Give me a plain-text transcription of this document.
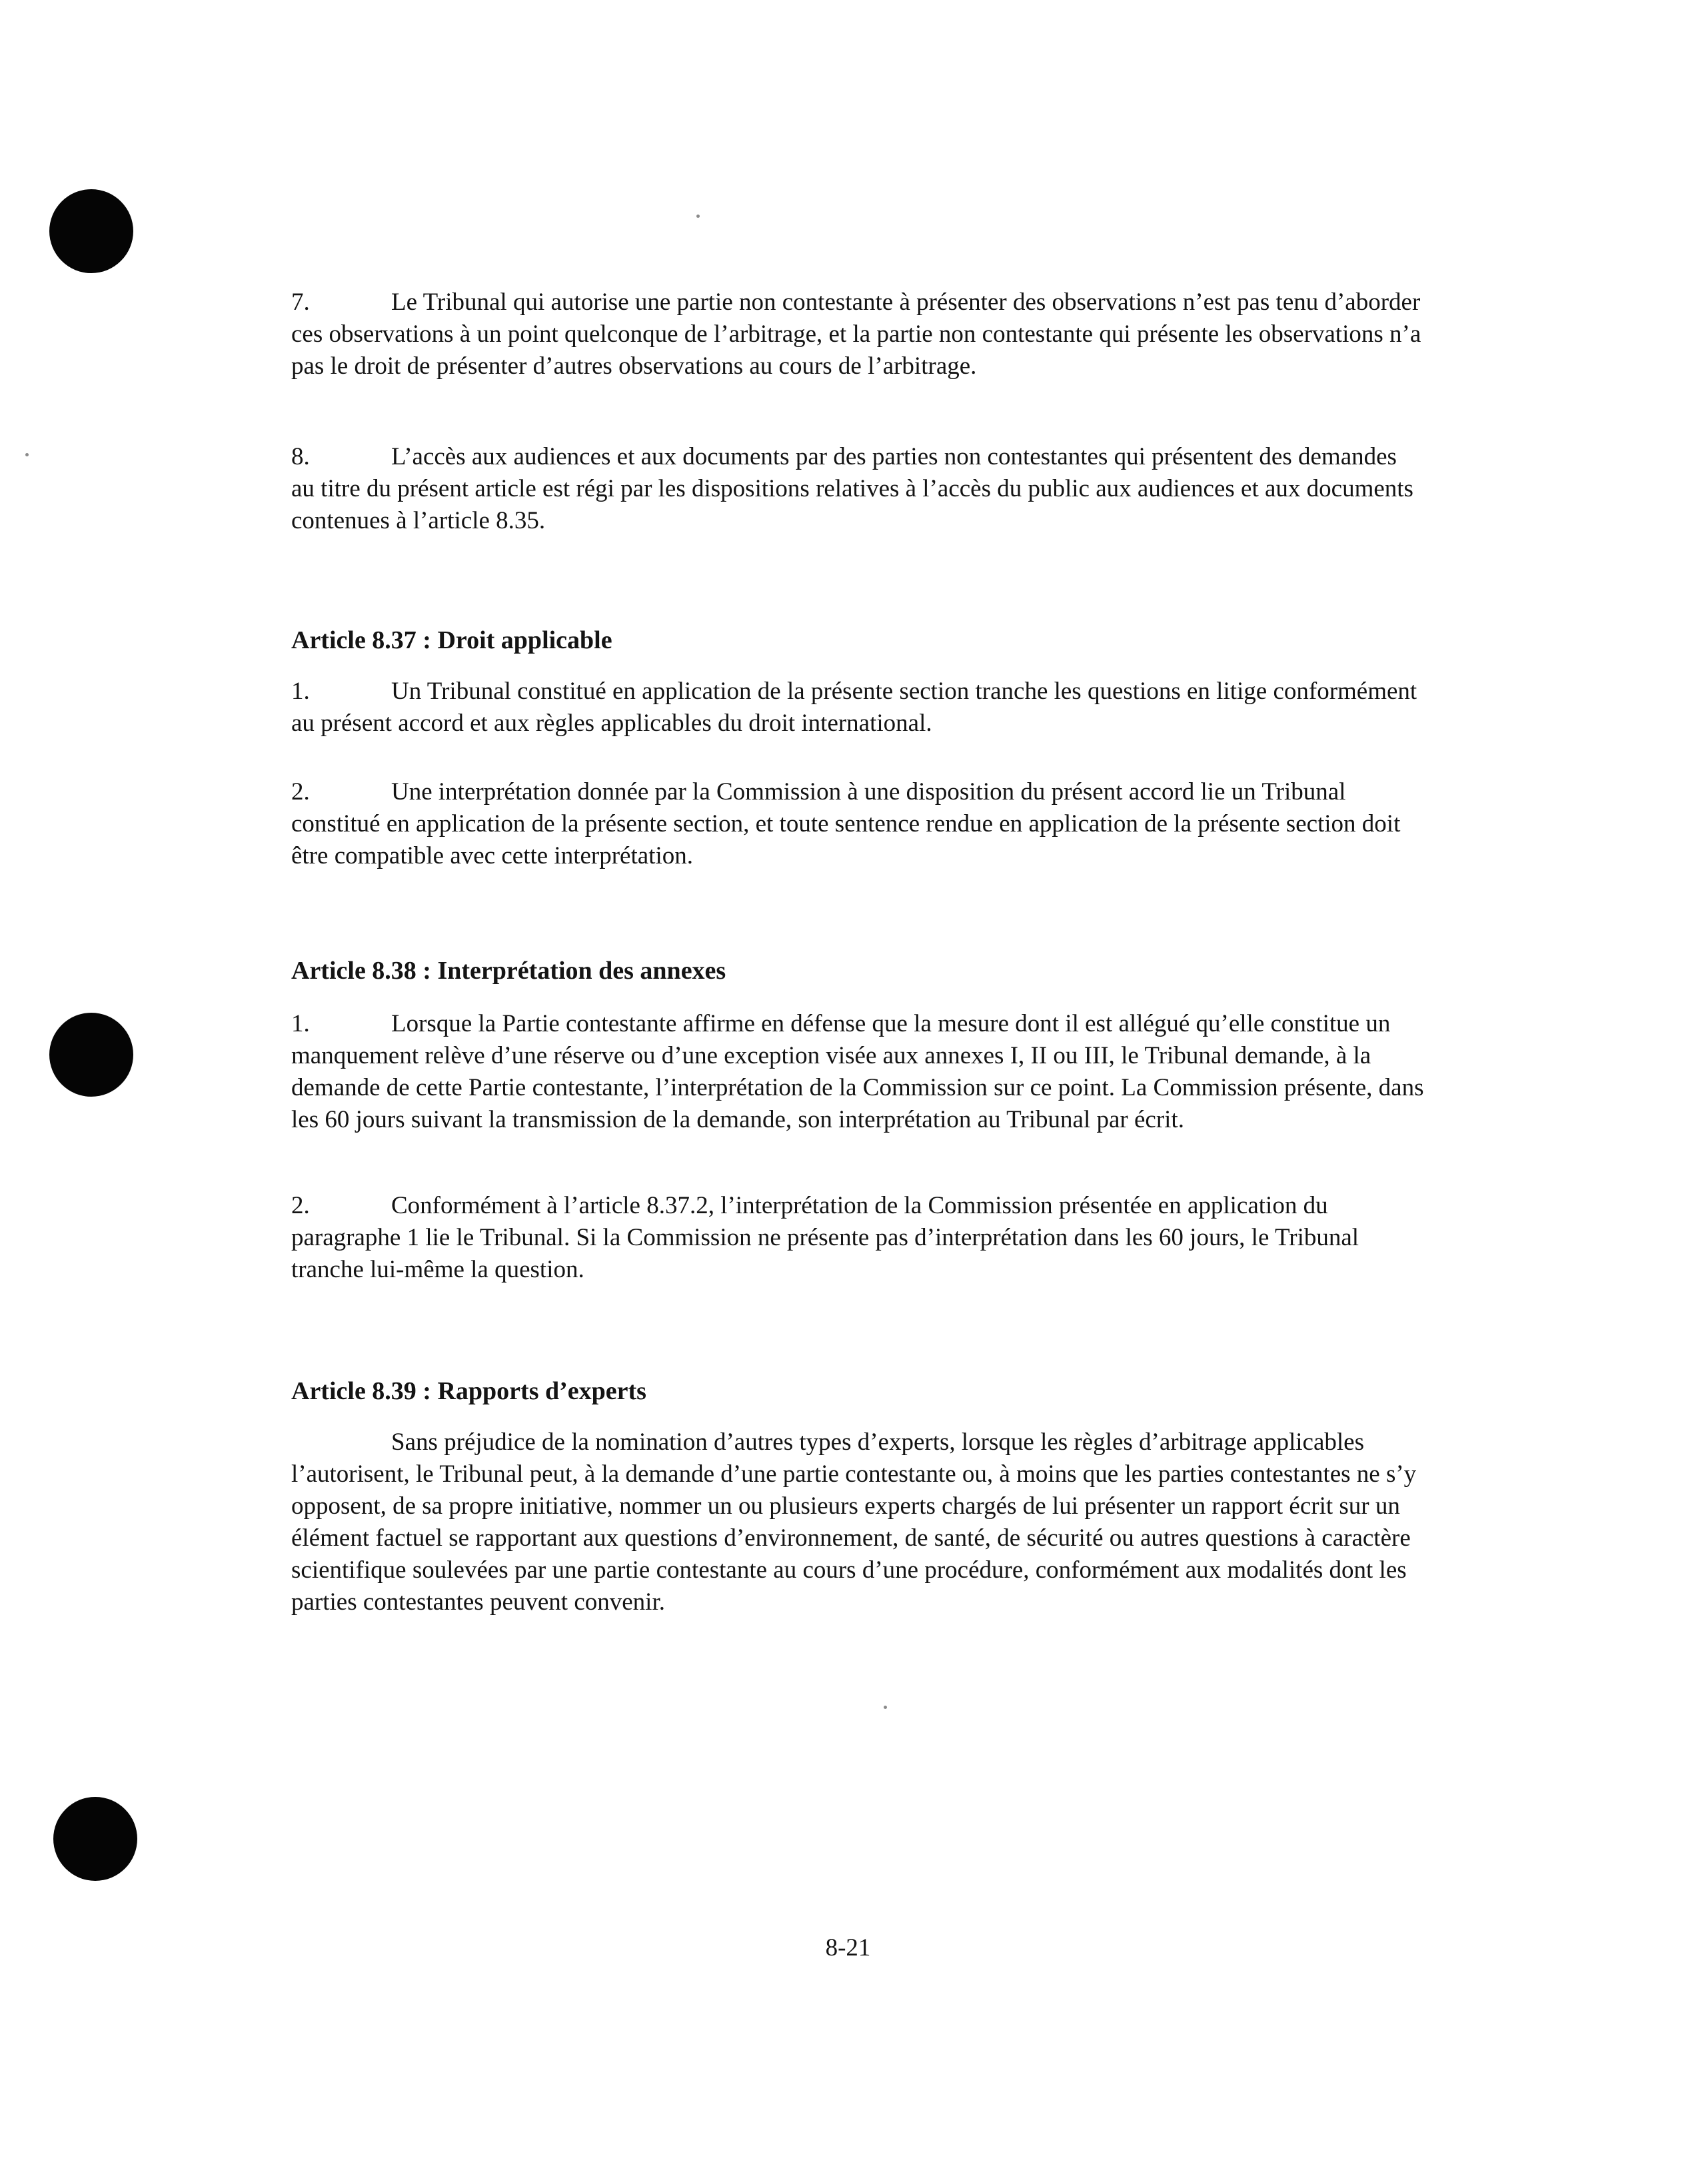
7.	Le Tribunal qui autorise une partie non contestante à présenter des observations n’est pas tenu d’aborder ces observations à un point quelconque de l’arbitrage, et la partie non contestante qui présente les observations n’a pas le droit de présenter d’autres observations au cours de l’arbitrage.

8.	L’accès aux audiences et aux documents par des parties non contestantes qui présentent des demandes au titre du présent article est régi par les dispositions relatives à l’accès du public aux audiences et aux documents contenues à l’article 8.35.

Article 8.37 : Droit applicable

1.	Un Tribunal constitué en application de la présente section tranche les questions en litige conformément au présent accord et aux règles applicables du droit international.

2.	Une interprétation donnée par la Commission à une disposition du présent accord lie un Tribunal constitué en application de la présente section, et toute sentence rendue en application de la présente section doit être compatible avec cette interprétation.

Article 8.38 : Interprétation des annexes

1.	Lorsque la Partie contestante affirme en défense que la mesure dont il est allégué qu’elle constitue un manquement relève d’une réserve ou d’une exception visée aux annexes I, II ou III, le Tribunal demande, à la demande de cette Partie contestante, l’interprétation de la Commission sur ce point. La Commission présente, dans les 60 jours suivant la transmission de la demande, son interprétation au Tribunal par écrit.

2.	Conformément à l’article 8.37.2, l’interprétation de la Commission présentée en application du paragraphe 1 lie le Tribunal. Si la Commission ne présente pas d’interprétation dans les 60 jours, le Tribunal tranche lui-même la question.

Article 8.39 : Rapports d’experts

Sans préjudice de la nomination d’autres types d’experts, lorsque les règles d’arbitrage applicables l’autorisent, le Tribunal peut, à la demande d’une partie contestante ou, à moins que les parties contestantes ne s’y opposent, de sa propre initiative, nommer un ou plusieurs experts chargés de lui présenter un rapport écrit sur un élément factuel se rapportant aux questions d’environnement, de santé, de sécurité ou autres questions à caractère scientifique soulevées par une partie contestante au cours d’une procédure, conformément aux modalités dont les parties contestantes peuvent convenir.

8-21
